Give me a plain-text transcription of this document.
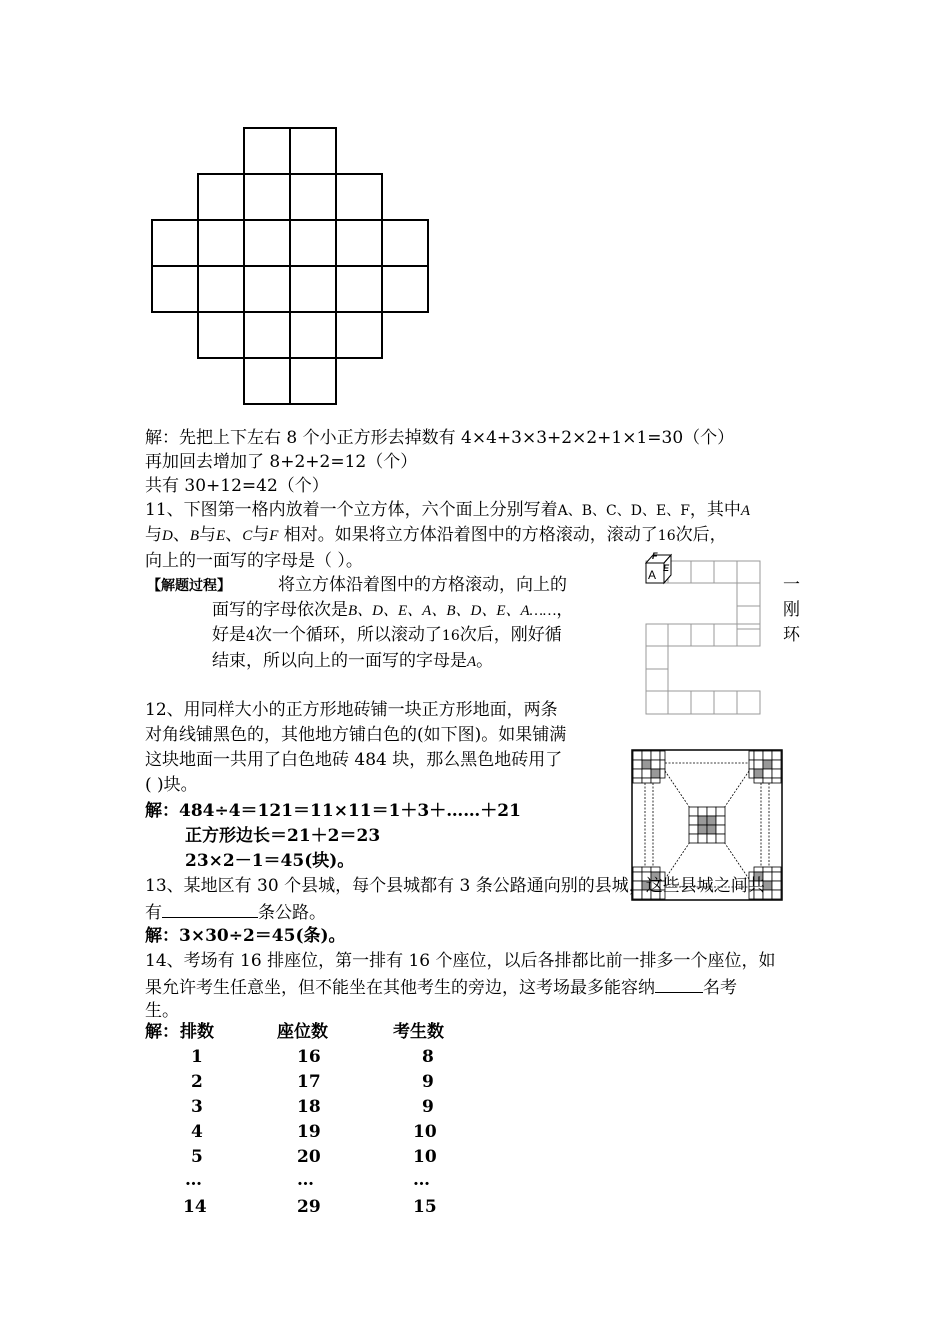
解：先把上下左右 8 个小正方形去掉数有 4×4+3×3+2×2+1×1=30（个）
再加回去增加了 8+2+2=12（个）
共有 30+12=42（个）
11、下图第一格内放着一个立方体，六个面上分别写着A、B、C、D、E、F，其中A
与D、B与E、C与F 相对。如果将立方体沿着图中的方格滚动，滚动了16次后，
向上的一面写的字母是（ ）。
【解题过程】	将立方体沿着图中的方格滚动，向上的
面写的字母依次是B、D、E、A、B、D、E、A……，
好是4次一个循环，所以滚动了16次后，刚好循
结束，所以向上的一面写的字母是A。
一
刚
环
F
A E
12、用同样大小的正方形地砖铺一块正方形地面，两条
对角线铺黑色的，其他地方铺白色的(如下图)。如果铺满
这块地面一共用了白色地砖 484 块，那么黑色地砖用了
( )块。
解：484÷4＝121＝11×11＝1＋3＋……＋21
正方形边长＝21＋2＝23
23×2－1＝45(块)。
13、某地区有 30 个县城，每个县城都有 3 条公路通向别的县城，这些县城之间共
有	条公路。
解：3×30÷2＝45(条)。
14、考场有 16 排座位，第一排有 16 个座位，以后各排都比前一排多一个座位，如
果允许考生任意坐，但不能坐在其他考生的旁边，这考场最多能容纳	名考
生。
解： 排数	座位数	考生数
1	16	8
2	17	9
3	18	9
4	19	10
5	20	10
…	…	…
14	29	15
